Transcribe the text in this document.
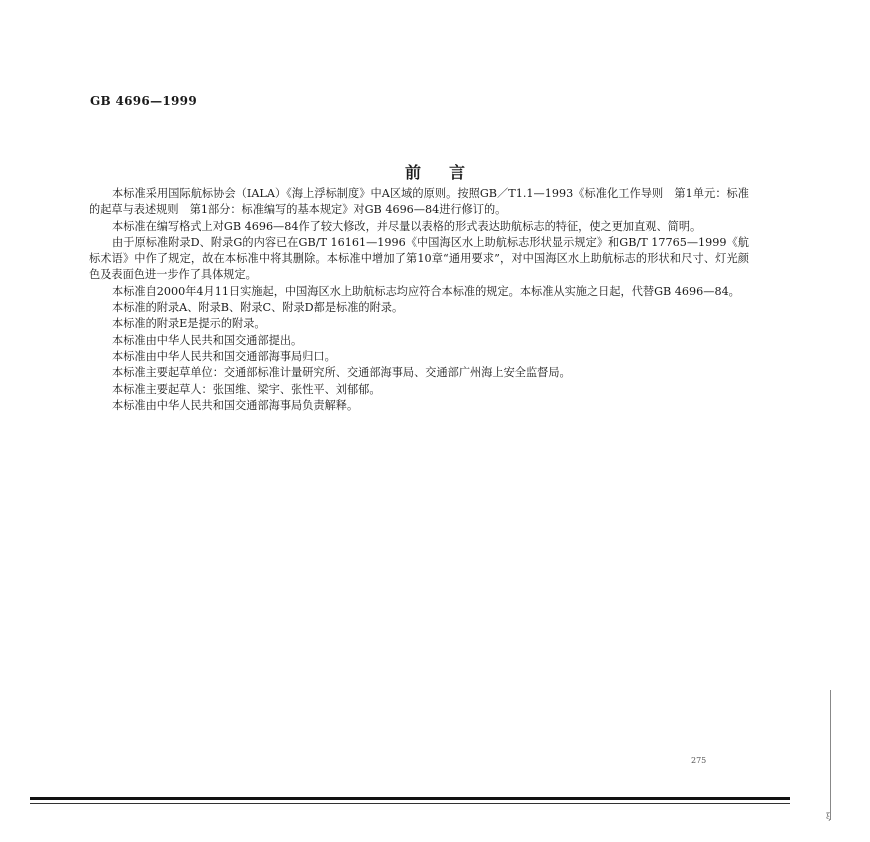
GB 4696—1999
前言

本标准采用国际航标协会（IALA）《海上浮标制度》中A区域的原则。按照GB／T1.1—1993《标准化工作导则　第1单元：标准的起草与表述规则　第1部分：标准编写的基本规定》对GB 4696—84进行修订的。

本标准在编写格式上对GB 4696—84作了较大修改，并尽量以表格的形式表达助航标志的特征，使之更加直观、简明。

由于原标准附录D、附录G的内容已在GB/T 16161—1996《中国海区水上助航标志形状显示规定》和GB/T 17765—1999《航标术语》中作了规定，故在本标准中将其删除。本标准中增加了第10章“通用要求”，对中国海区水上助航标志的形状和尺寸、灯光颜色及表面色进一步作了具体规定。

本标准自2000年4月11日实施起，中国海区水上助航标志均应符合本标准的规定。本标准从实施之日起，代替GB 4696—84。

本标准的附录A、附录B、附录C、附录D都是标准的附录。

本标准的附录E是提示的附录。

本标准由中华人民共和国交通部提出。

本标准由中华人民共和国交通部海事局归口。

本标准主要起草单位：交通部标准计量研究所、交通部海事局、交通部广州海上安全监督局。

本标准主要起草人：张国维、梁宇、张性平、刘郁郁。

本标准由中华人民共和国交通部海事局负责解释。

275
ξ
